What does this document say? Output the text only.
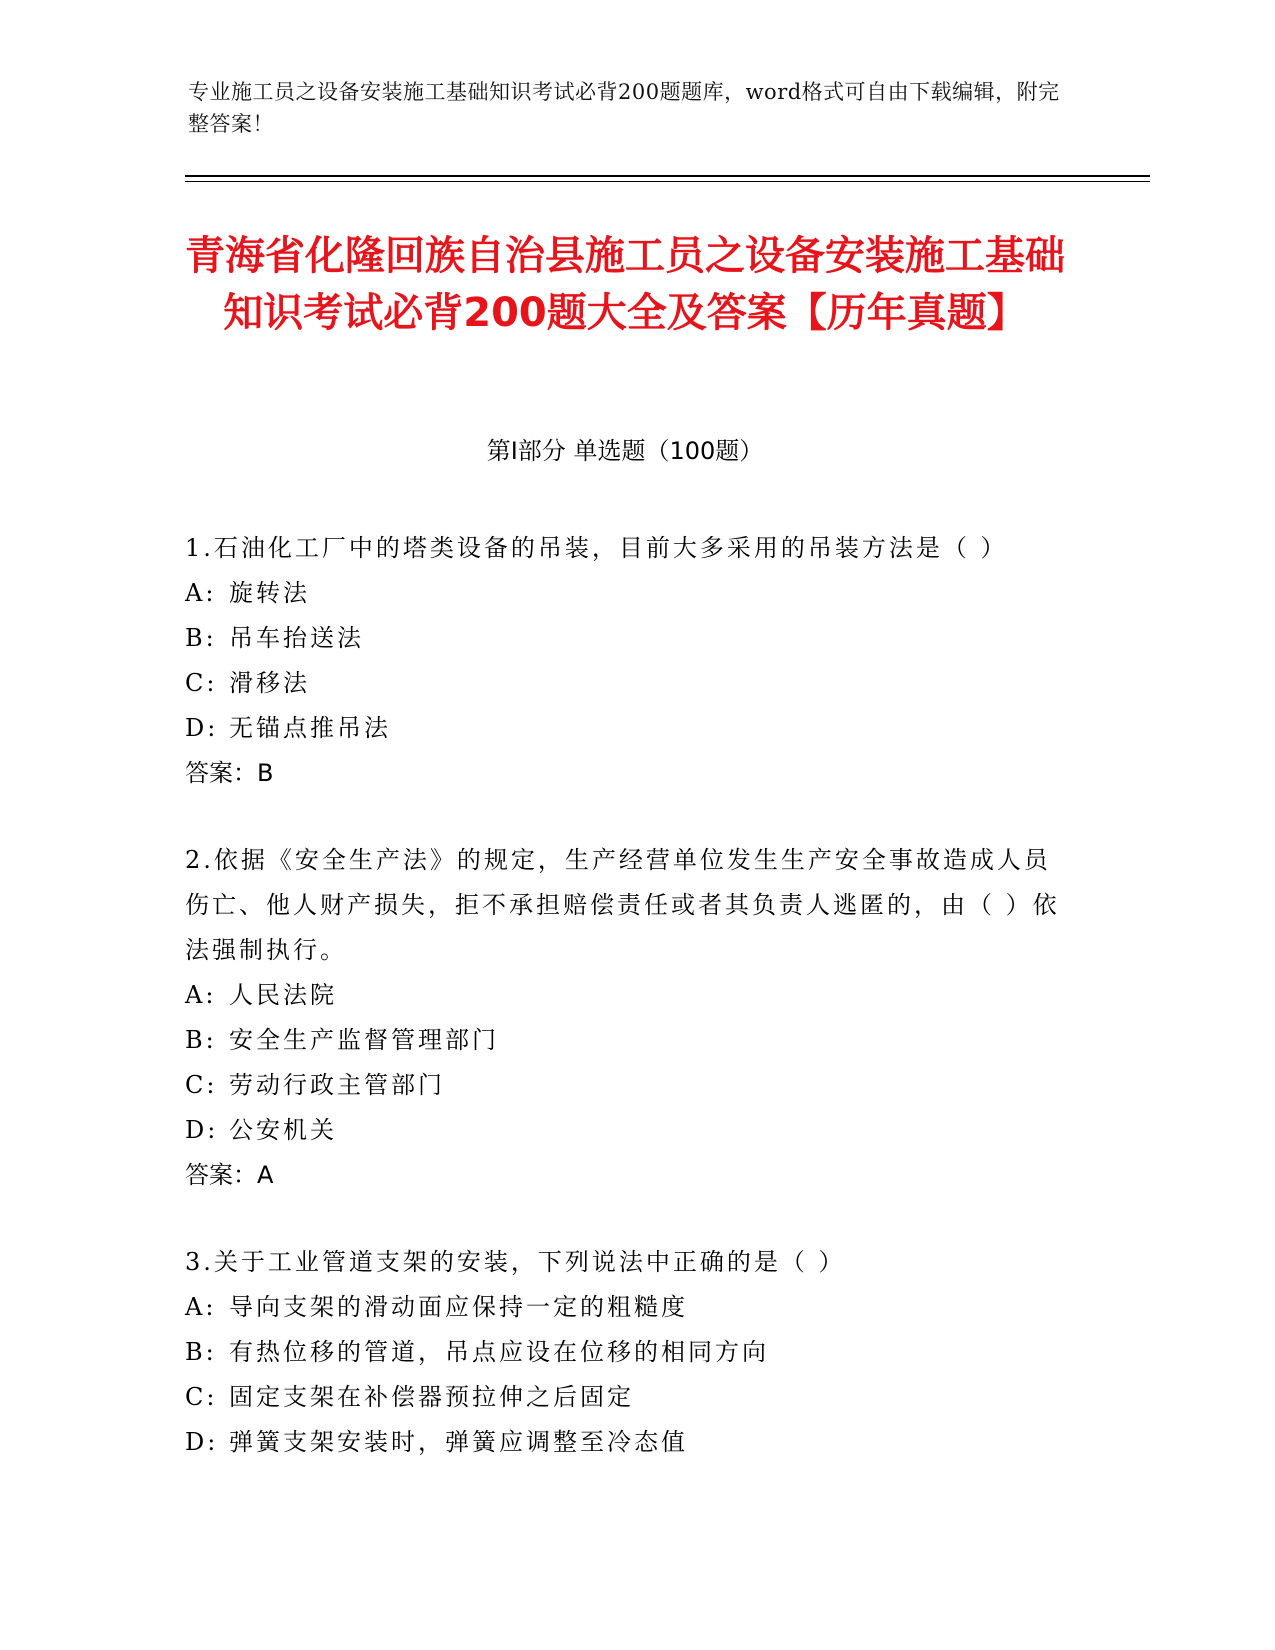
专业施工员之设备安装施工基础知识考试必背200题题库，word格式可自由下载编辑，附完整答案！
青海省化隆回族自治县施工员之设备安装施工基础知识考试必背200题大全及答案【历年真题】
第I部分 单选题（100题）

1.石油化工厂中的塔类设备的吊装，目前大多采用的吊装方法是（ ）

A: 旋转法

B: 吊车抬送法

C: 滑移法

D: 无锚点推吊法

答案：B

2.依据《安全生产法》的规定，生产经营单位发生生产安全事故造成人员伤亡、他人财产损失，拒不承担赔偿责任或者其负责人逃匿的，由（ ）依法强制执行。

A: 人民法院

B: 安全生产监督管理部门

C: 劳动行政主管部门

D: 公安机关

答案：A

3.关于工业管道支架的安装，下列说法中正确的是（ ）

A: 导向支架的滑动面应保持一定的粗糙度

B: 有热位移的管道，吊点应设在位移的相同方向

C: 固定支架在补偿器预拉伸之后固定

D: 弹簧支架安装时，弹簧应调整至冷态值
